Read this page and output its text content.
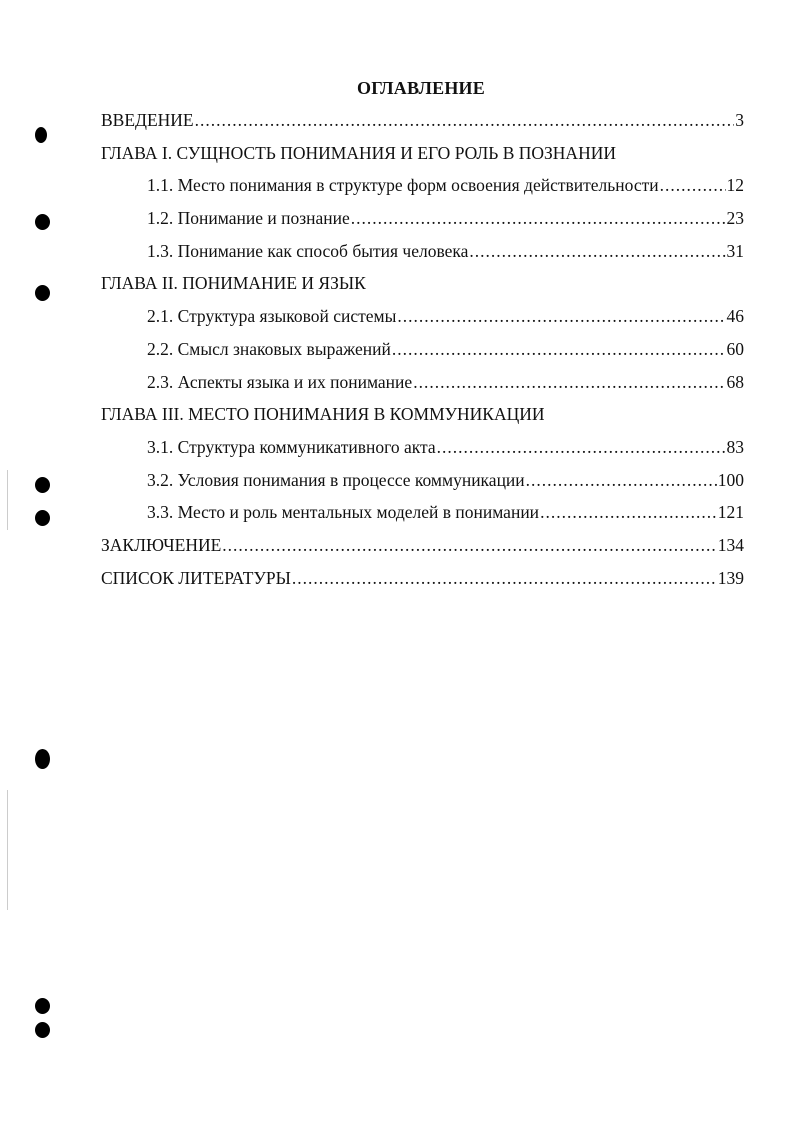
ОГЛАВЛЕНИЕ
ВВЕДЕНИЕ .....	3
ГЛАВА I. СУЩНОСТЬ ПОНИМАНИЯ И ЕГО РОЛЬ В ПОЗНАНИИ
1.1. Место понимания в структуре форм освоения действительности .....	12
1.2. Понимание и познание .....	23
1.3. Понимание как способ бытия человека .....	31
ГЛАВА II. ПОНИМАНИЕ И ЯЗЫК
2.1. Структура языковой системы .....	46
2.2. Смысл знаковых выражений .....	60
2.3. Аспекты языка и их понимание .....	68
ГЛАВА III. МЕСТО ПОНИМАНИЯ В КОММУНИКАЦИИ
3.1. Структура коммуникативного акта .....	83
3.2. Условия понимания в процессе коммуникации .....	100
3.3. Место и роль ментальных моделей в понимании .....	121
ЗАКЛЮЧЕНИЕ .....	134
СПИСОК ЛИТЕРАТУРЫ .....	139
